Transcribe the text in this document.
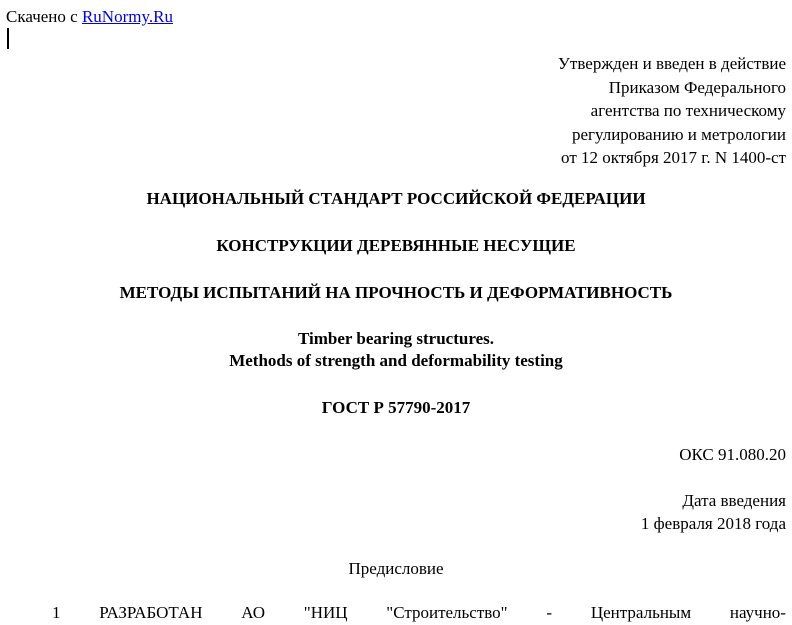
Скачено с RuNormy.Ru
Утвержден и введен в действие
Приказом Федерального
агентства по техническому
регулированию и метрологии
от 12 октября 2017 г. N 1400-ст
НАЦИОНАЛЬНЫЙ СТАНДАРТ РОССИЙСКОЙ ФЕДЕРАЦИИ
КОНСТРУКЦИИ ДЕРЕВЯННЫЕ НЕСУЩИЕ
МЕТОДЫ ИСПЫТАНИЙ НА ПРОЧНОСТЬ И ДЕФОРМАТИВНОСТЬ
Timber bearing structures.
Methods of strength and deformability testing
ГОСТ Р 57790-2017
ОКС 91.080.20
Дата введения
1 февраля 2018 года
Предисловие
1 РАЗРАБОТАН АО "НИЦ "Строительство" - Центральным научно-
